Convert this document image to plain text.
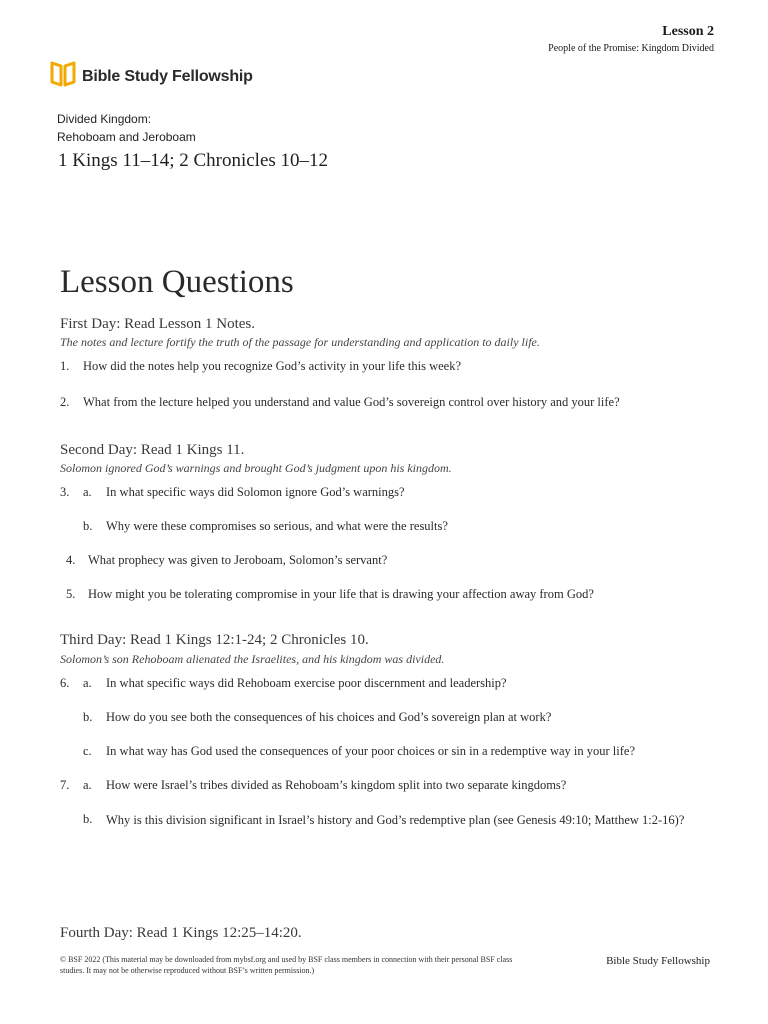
Lesson 2
People of the Promise: Kingdom Divided
Bible Study Fellowship
Divided Kingdom:
Rehoboam and Jeroboam
1 Kings 11–14; 2 Chronicles 10–12
Lesson Questions
First Day: Read Lesson 1 Notes.
The notes and lecture fortify the truth of the passage for understanding and application to daily life.
1. How did the notes help you recognize God’s activity in your life this week?
2. What from the lecture helped you understand and value God’s sovereign control over history and your life?
Second Day: Read 1 Kings 11.
Solomon ignored God’s warnings and brought God’s judgment upon his kingdom.
3. a. In what specific ways did Solomon ignore God’s warnings?
b. Why were these compromises so serious, and what were the results?
4. What prophecy was given to Jeroboam, Solomon’s servant?
5. How might you be tolerating compromise in your life that is drawing your affection away from God?
Third Day: Read 1 Kings 12:1-24; 2 Chronicles 10.
Solomon’s son Rehoboam alienated the Israelites, and his kingdom was divided.
6. a. In what specific ways did Rehoboam exercise poor discernment and leadership?
b. How do you see both the consequences of his choices and God’s sovereign plan at work?
c. In what way has God used the consequences of your poor choices or sin in a redemptive way in your life?
7. a. How were Israel’s tribes divided as Rehoboam’s kingdom split into two separate kingdoms?
b. Why is this division significant in Israel’s history and God’s redemptive plan (see Genesis 49:10; Matthew 1:2-16)?
Fourth Day: Read 1 Kings 12:25–14:20.
© BSF 2022 (This material may be downloaded from mybsf.org and used by BSF class members in connection with their personal BSF class studies. It may not be otherwise reproduced without BSF’s written permission.)
Bible Study Fellowship
